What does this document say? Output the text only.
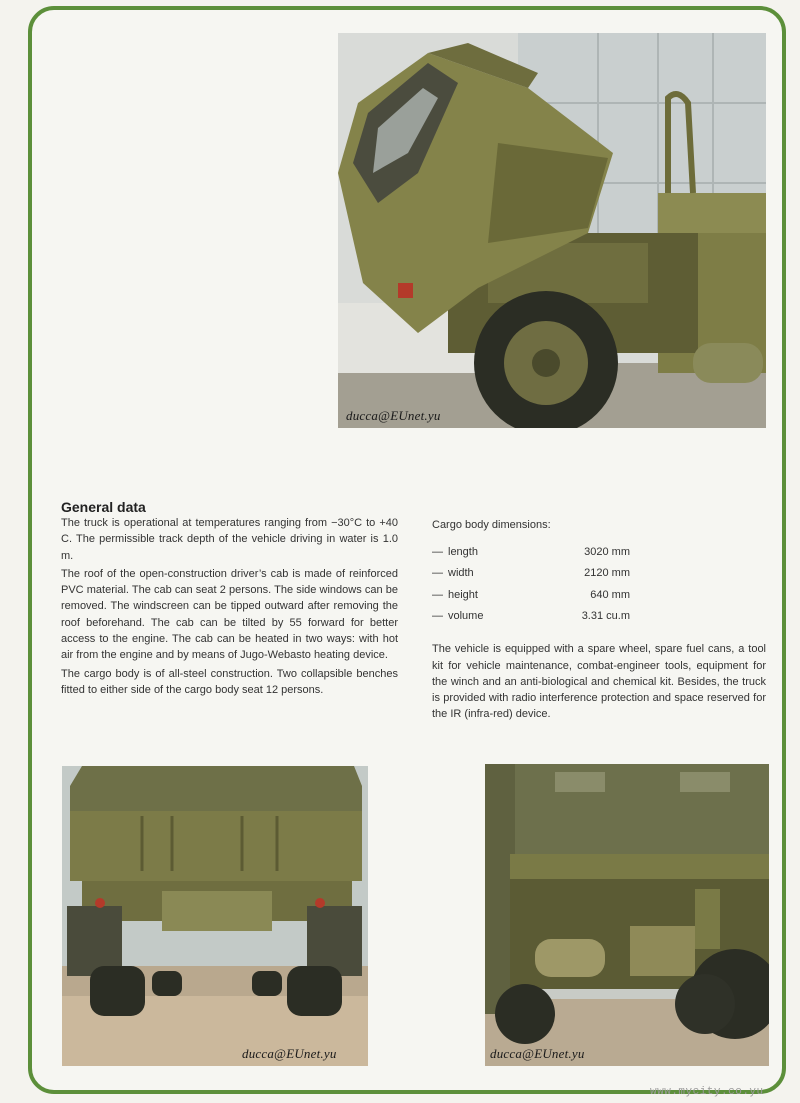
ducca@EUnet.yu
General data

The truck is operational at temperatures ranging from −30°C to +40 C. The permissible track depth of the vehicle driving in water is 1.0 m.

The roof of the open-construction driver’s cab is made of reinforced PVC material. The cab can seat 2 persons. The side windows can be removed. The windscreen can be tipped outward after removing the roof beforehand. The cab can be tilted by 55 forward for better access to the engine. The cab can be heated in two ways: with hot air from the engine and by means of Jugo-Webasto heating device.

The cargo body is of all-steel construction. Two collapsible benches fitted to either side of the cargo body seat 12 persons.

Cargo body dimensions:
— length	3020 mm
— width	2120 mm
— height	640 mm
— volume	3.31 cu.m
The vehicle is equipped with a spare wheel, spare fuel cans, a tool kit for vehicle maintenance, combat-engineer tools, equipment for the winch and an anti-biological and chemical kit. Besides, the truck is provided with radio interference protection and space reserved for the IR (infra-red) device.
ducca@EUnet.yu	ducca@EUnet.yu
www.mycity.co.yu
